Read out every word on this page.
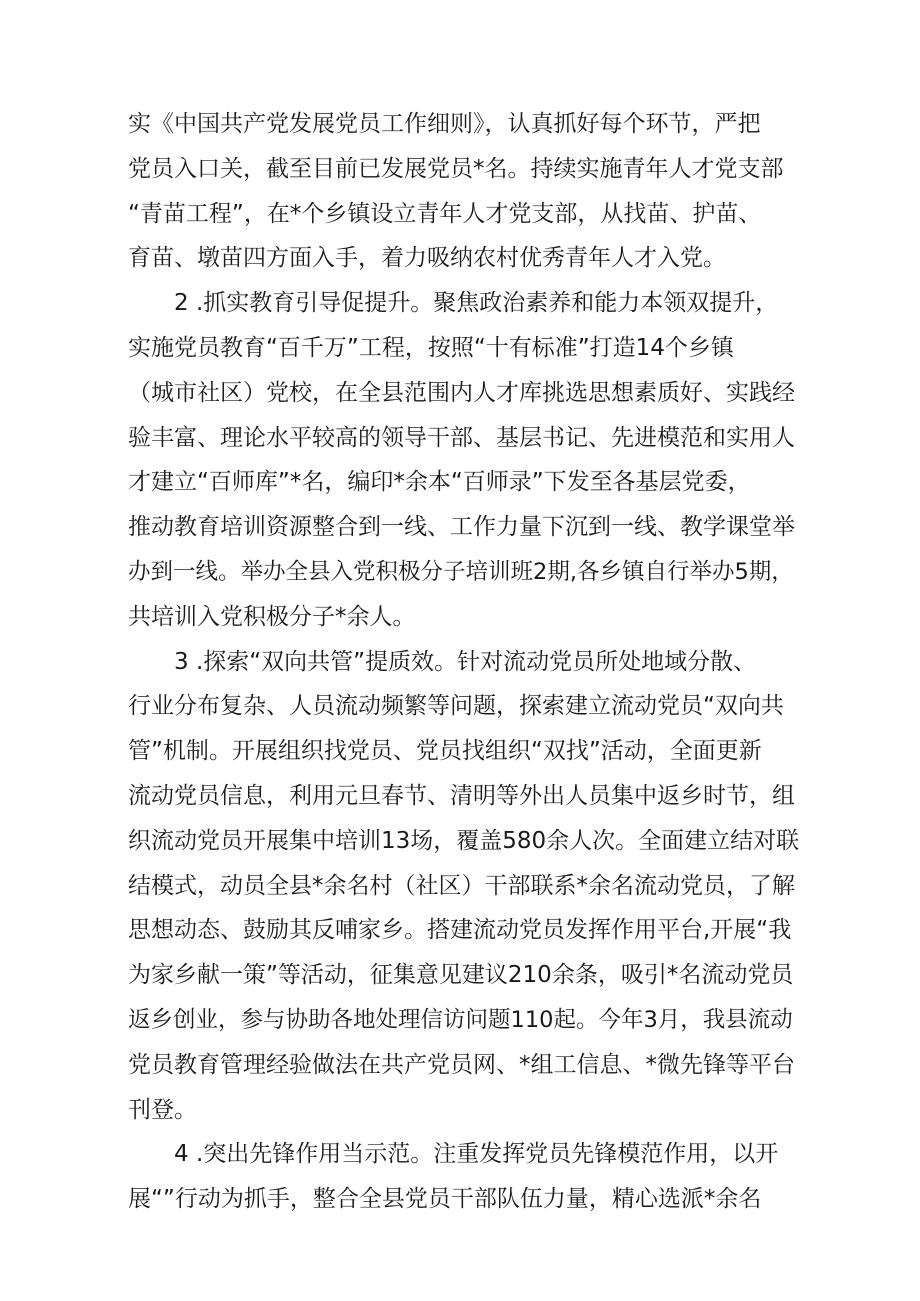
实《中国共产党发展党员工作细则》，认真抓好每个环节，严把
党员入口关，截至目前已发展党员*名。持续实施青年人才党支部
“青苗工程”，在*个乡镇设立青年人才党支部，从找苗、护苗、
育苗、墩苗四方面入手，着力吸纳农村优秀青年人才入党。
2 .抓实教育引导促提升。聚焦政治素养和能力本领双提升，
实施党员教育“百千万”工程，按照“十有标准”打造14个乡镇
（城市社区）党校，在全县范围内人才库挑选思想素质好、实践经
验丰富、理论水平较高的领导干部、基层书记、先进模范和实用人
才建立“百师库”*名，编印*余本“百师录”下发至各基层党委，
推动教育培训资源整合到一线、工作力量下沉到一线、教学课堂举
办到一线。举办全县入党积极分子培训班2期,各乡镇自行举办5期，
共培训入党积极分子*余人。
3 .探索“双向共管”提质效。针对流动党员所处地域分散、
行业分布复杂、人员流动频繁等问题，探索建立流动党员“双向共
管”机制。开展组织找党员、党员找组织“双找”活动，全面更新
流动党员信息，利用元旦春节、清明等外出人员集中返乡时节，组
织流动党员开展集中培训13场，覆盖580余人次。全面建立结对联
结模式，动员全县*余名村（社区）干部联系*余名流动党员，了解
思想动态、鼓励其反哺家乡。搭建流动党员发挥作用平台,开展“我
为家乡献一策”等活动，征集意见建议210余条，吸引*名流动党员
返乡创业，参与协助各地处理信访问题110起。今年3月，我县流动
党员教育管理经验做法在共产党员网、*组工信息、*微先锋等平台
刊登。
4 .突出先锋作用当示范。注重发挥党员先锋模范作用，以开
展“”行动为抓手，整合全县党员干部队伍力量，精心选派*余名
